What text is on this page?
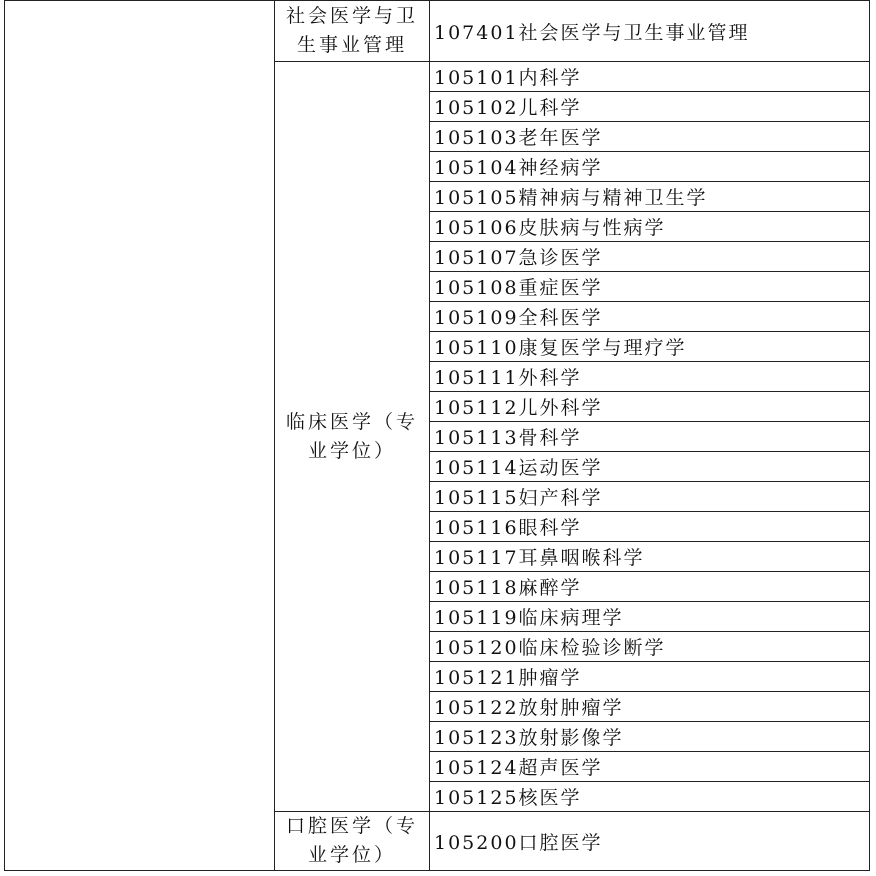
	社会医学与卫生事业管理	107401社会医学与卫生事业管理
	临床医学（专业学位）	105101内科学
		105102儿科学
		105103老年医学
		105104神经病学
		105105精神病与精神卫生学
		105106皮肤病与性病学
		105107急诊医学
		105108重症医学
		105109全科医学
		105110康复医学与理疗学
		105111外科学
		105112儿外科学
		105113骨科学
		105114运动医学
		105115妇产科学
		105116眼科学
		105117耳鼻咽喉科学
		105118麻醉学
		105119临床病理学
		105120临床检验诊断学
		105121肿瘤学
		105122放射肿瘤学
		105123放射影像学
		105124超声医学
		105125核医学
	口腔医学（专业学位）	105200口腔医学
